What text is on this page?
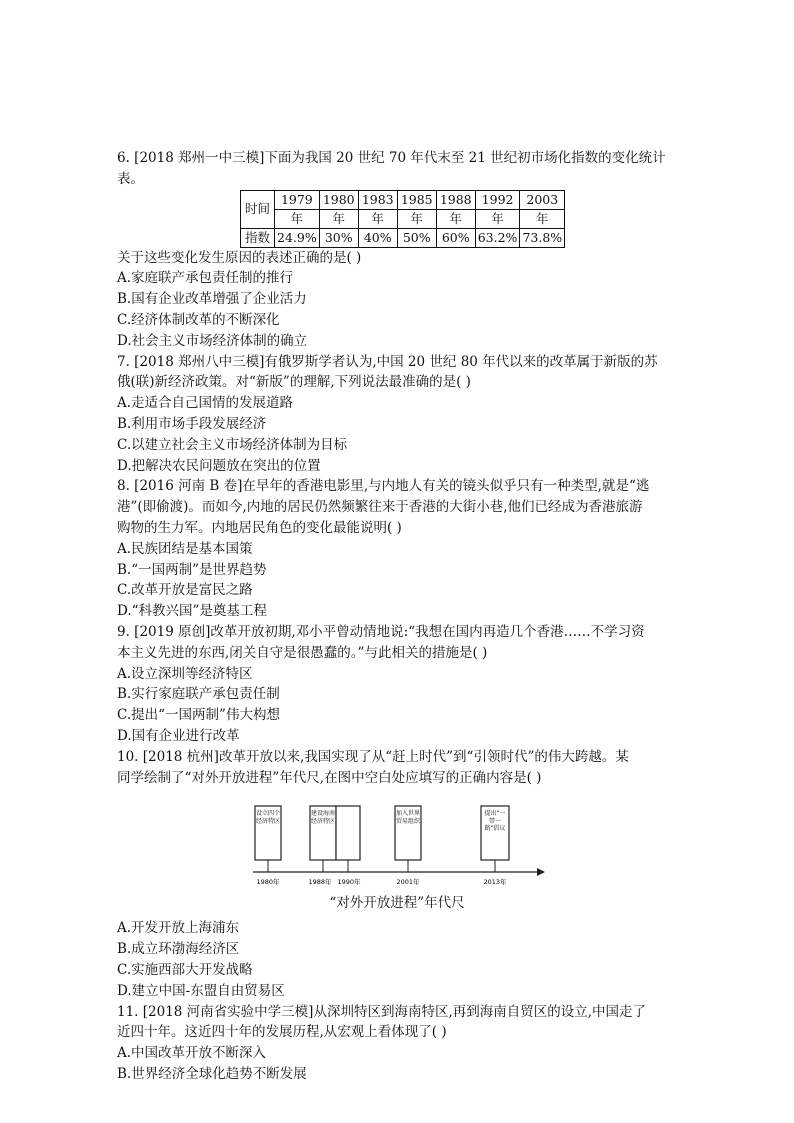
6. [2018 郑州一中三模]下面为我国 20 世纪 70 年代末至 21 世纪初市场化指数的变化统计
表。
时间	1979	1980	1983	1985	1988	1992	2003
	年	年	年	年	年	年	年
指数	24.9%	30%	40%	50%	60%	63.2%	73.8%
关于这些变化发生原因的表述正确的是( )
A.家庭联产承包责任制的推行
B.国有企业改革增强了企业活力
C.经济体制改革的不断深化
D.社会主义市场经济体制的确立
7. [2018 郑州八中三模]有俄罗斯学者认为,中国 20 世纪 80 年代以来的改革属于新版的苏
俄(联)新经济政策。对“新版”的理解,下列说法最准确的是( )
A.走适合自己国情的发展道路
B.利用市场手段发展经济
C.以建立社会主义市场经济体制为目标
D.把解决农民问题放在突出的位置
8. [2016 河南 B 卷]在早年的香港电影里,与内地人有关的镜头似乎只有一种类型,就是“逃
港”(即偷渡)。而如今,内地的居民仍然频繁往来于香港的大街小巷,他们已经成为香港旅游
购物的生力军。内地居民角色的变化最能说明( )
A.民族团结是基本国策
B.“一国两制”是世界趋势
C.改革开放是富民之路
D.“科教兴国”是奠基工程
9. [2019 原创]改革开放初期,邓小平曾动情地说:“我想在国内再造几个香港……不学习资
本主义先进的东西,闭关自守是很愚蠢的。”与此相关的措施是( )
A.设立深圳等经济特区
B.实行家庭联产承包责任制
C.提出“一国两制”伟大构想
D.国有企业进行改革
10. [2018 杭州]改革开放以来,我国实现了从“赶上时代”到“引领时代”的伟大跨越。某
同学绘制了“对外开放进程”年代尺,在图中空白处应填写的正确内容是( )
设立四个经济特区
1980年
建设海南经济特区
1988年 1990年
加入世界贸易组织
2001年
提出“一带一路”倡议
2013年
“对外开放进程”年代尺
A.开发开放上海浦东
B.成立环渤海经济区
C.实施西部大开发战略
D.建立中国-东盟自由贸易区
11. [2018 河南省实验中学三模]从深圳特区到海南特区,再到海南自贸区的设立,中国走了
近四十年。这近四十年的发展历程,从宏观上看体现了( )
A.中国改革开放不断深入
B.世界经济全球化趋势不断发展
